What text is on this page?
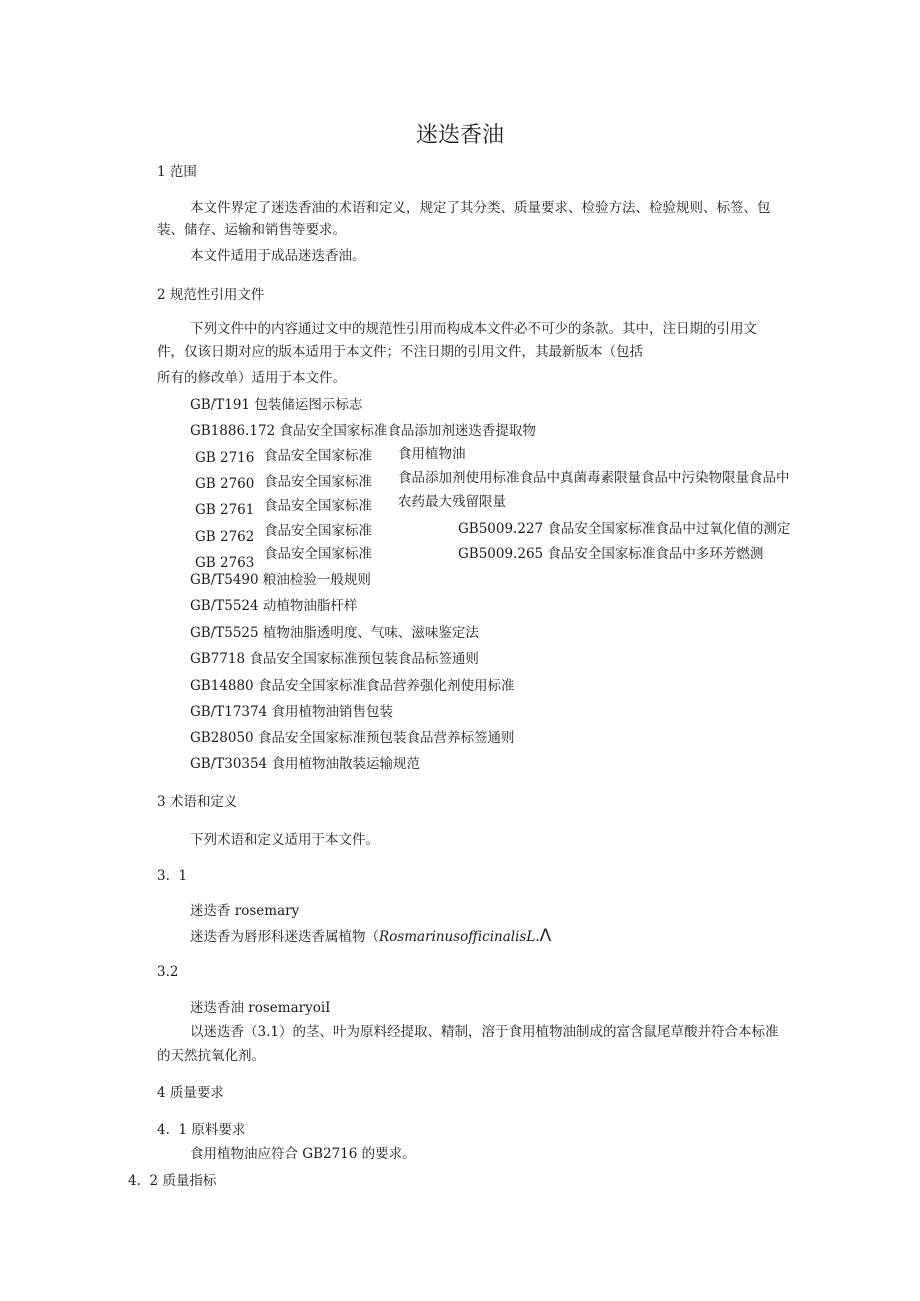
迷迭香油
1 范围
本文件界定了迷迭香油的术语和定义，规定了其分类、质量要求、检验方法、检验规则、标签、包
装、储存、运输和销售等要求。
本文件适用于成品迷迭香油。
2 规范性引用文件
下列文件中的内容通过文中的规范性引用而构成本文件必不可少的条款。其中，注日期的引用文
件，仅该日期对应的版本适用于本文件；不注日期的引用文件，其最新版本（包括
所有的修改单）适用于本文件。
GB/T191 包装储运图示标志
GB1886.172 食品安全国家标准食品添加剂迷迭香提取物
GB 2716
GB 2760
GB 2761
GB 2762
GB 2763
食品安全国家标准
食品安全国家标准
食品安全国家标准
食品安全国家标准
食品安全国家标准
食用植物油
食品添加剂使用标准食品中真菌毒素限量食品中污染物限量食品中
农药最大残留限量
GB5009.227 食品安全国家标准食品中过氧化值的测定
GB5009.265 食品安全国家标准食品中多环芳燃测
GB/T5490 粮油检验一般规则
GB/T5524 动植物油脂杆样
GB/T5525 植物油脂透明度、气味、滋味鉴定法
GB7718 食品安全国家标准预包装食品标签通则
GB14880 食品安全国家标准食品营养强化剂使用标准
GB/T17374 食用植物油销售包装
GB28050 食品安全国家标准预包装食品营养标签通则
GB/T30354 食用植物油散装运输规范
3 术语和定义
下列术语和定义适用于本文件。
3.  1
迷迭香 rosemary
迷迭香为唇形科迷迭香属植物（RosmarinusofficinalisL.Λ
3.2
迷迭香油 rosemaryoiI
以迷迭香（3.1）的茎、叶为原料经提取、精制，溶于食用植物油制成的富含鼠尾草酸并符合本标准
的天然抗氧化剂。
4 质量要求
4.  1 原料要求
食用植物油应符合 GB2716 的要求。
4.  2 质量指标
